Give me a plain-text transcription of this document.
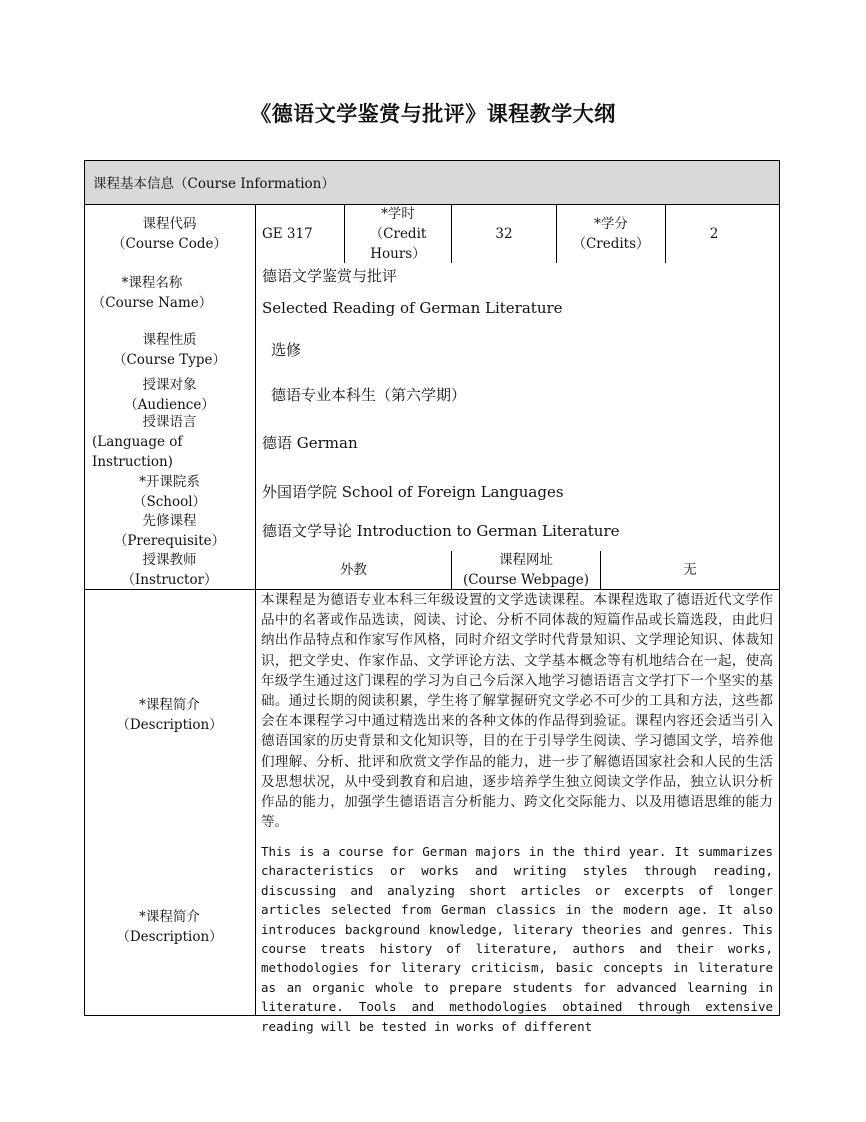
《德语文学鉴赏与批评》课程教学大纲
课程基本信息（Course Information）
课程代码
（Course Code）
GE 317
*学时
（Credit
Hours）
32
*学分
（Credits）
2
*课程名称
（Course Name）
德语文学鉴赏与批评
Selected Reading of German Literature
课程性质
（Course Type）
选修
授课对象
（Audience）
德语专业本科生（第六学期）
授课语言
(Language of
Instruction)
德语 German
*开课院系
（School）
外国语学院 School of Foreign Languages
先修课程
（Prerequisite）
德语文学导论 Introduction to German Literature
授课教师
（Instructor）
外教
课程网址
(Course Webpage)
无
*课程简介
（Description）
*课程简介
（Description）
本课程是为德语专业本科三年级设置的文学选读课程。本课程选取了德语近代文学作品中的名著或作品选读，阅读、讨论、分析不同体裁的短篇作品或长篇选段，由此归纳出作品特点和作家写作风格，同时介绍文学时代背景知识、文学理论知识、体裁知识，把文学史、作家作品、文学评论方法、文学基本概念等有机地结合在一起，使高年级学生通过这门课程的学习为自己今后深入地学习德语语言文学打下一个坚实的基础。通过长期的阅读积累，学生将了解掌握研究文学必不可少的工具和方法，这些都会在本课程学习中通过精选出来的各种文体的作品得到验证。课程内容还会适当引入德语国家的历史背景和文化知识等，目的在于引导学生阅读、学习德国文学，培养他们理解、分析、批评和欣赏文学作品的能力，进一步了解德语国家社会和人民的生活及思想状况，从中受到教育和启迪，逐步培养学生独立阅读文学作品，独立认识分析作品的能力，加强学生德语语言分析能力、跨文化交际能力、以及用德语思维的能力等。
This is a course for German majors in the third year. It summarizes characteristics or works and writing styles through reading, discussing and analyzing short articles or excerpts of longer articles selected from German classics in the modern age. It also introduces background knowledge, literary theories and genres. This course treats history of literature, authors and their works, methodologies for literary criticism, basic concepts in literature as an organic whole to prepare students for advanced learning in literature. Tools and methodologies obtained through extensive reading will be tested in works of different
